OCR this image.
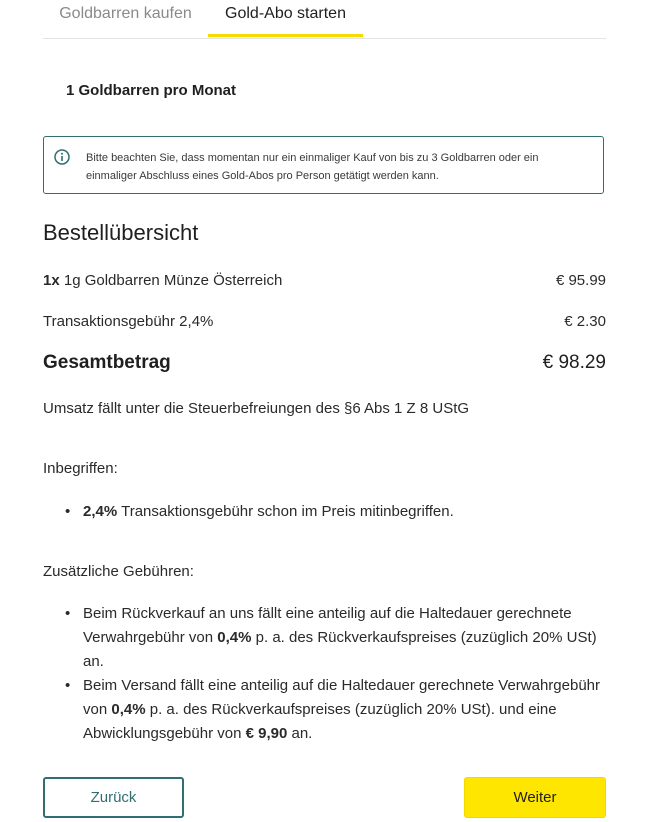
Goldbarren kaufen	Gold-Abo starten
1 Goldbarren pro Monat
Bitte beachten Sie, dass momentan nur ein einmaliger Kauf von bis zu 3 Goldbarren oder ein einmaliger Abschluss eines Gold-Abos pro Person getätigt werden kann.
Bestellübersicht
1x 1g Goldbarren Münze Österreich	€ 95.99
Transaktionsgebühr 2,4%	€ 2.30
Gesamtbetrag	€ 98.29
Umsatz fällt unter die Steuerbefreiungen des §6 Abs 1 Z 8 UStG
Inbegriffen:
• 2,4% Transaktionsgebühr schon im Preis mitinbegriffen.
Zusätzliche Gebühren:
• Beim Rückverkauf an uns fällt eine anteilig auf die Haltedauer gerechnete Verwahrgebühr von 0,4% p. a. des Rückverkaufspreises (zuzüglich 20% USt) an.
• Beim Versand fällt eine anteilig auf die Haltedauer gerechnete Verwahrgebühr von 0,4% p. a. des Rückverkaufspreises (zuzüglich 20% USt). und eine Abwicklungsgebühr von € 9,90 an.
Zurück	Weiter
